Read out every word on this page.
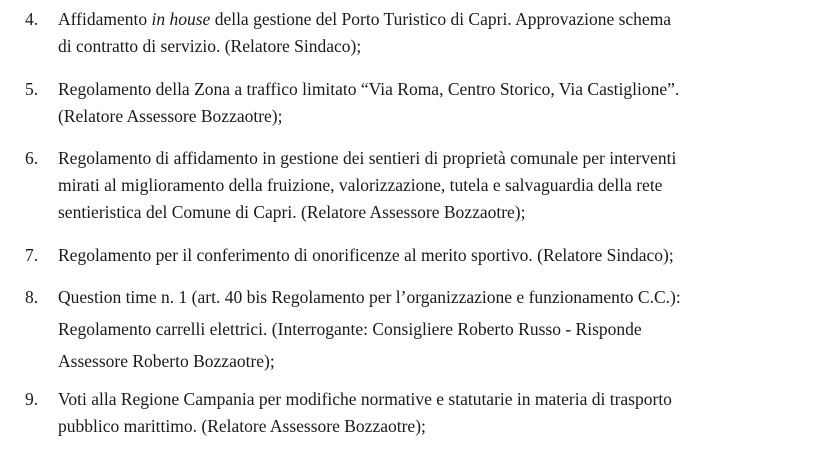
4.	Affidamento in house della gestione del Porto Turistico di Capri. Approvazione schema
di contratto di servizio. (Relatore Sindaco);
5.	Regolamento della Zona a traffico limitato “Via Roma, Centro Storico, Via Castiglione”.
(Relatore Assessore Bozzaotre);
6.	Regolamento di affidamento in gestione dei sentieri di proprietà comunale per interventi
mirati al miglioramento della fruizione, valorizzazione, tutela e salvaguardia della rete
sentieristica del Comune di Capri. (Relatore Assessore Bozzaotre);
7.	Regolamento per il conferimento di onorificenze al merito sportivo. (Relatore Sindaco);
8.	Question time n. 1 (art. 40 bis Regolamento per l’organizzazione e funzionamento C.C.):
Regolamento carrelli elettrici. (Interrogante: Consigliere Roberto Russo - Risponde
Assessore Roberto Bozzaotre);
9.	Voti alla Regione Campania per modifiche normative e statutarie in materia di trasporto
pubblico marittimo. (Relatore Assessore Bozzaotre);
